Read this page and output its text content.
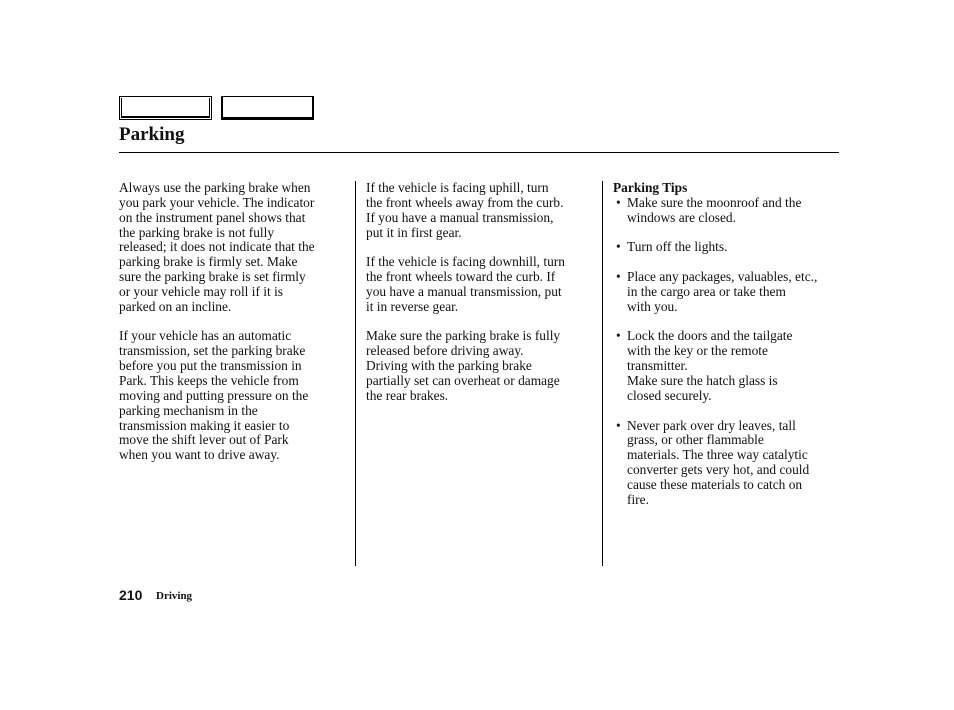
Parking

Always use the parking brake when
you park your vehicle. The indicator
on the instrument panel shows that
the parking brake is not fully
released; it does not indicate that the
parking brake is firmly set. Make
sure the parking brake is set firmly
or your vehicle may roll if it is
parked on an incline.

If your vehicle has an automatic
transmission, set the parking brake
before you put the transmission in
Park. This keeps the vehicle from
moving and putting pressure on the
parking mechanism in the
transmission making it easier to
move the shift lever out of Park
when you want to drive away.

If the vehicle is facing uphill, turn
the front wheels away from the curb.
If you have a manual transmission,
put it in first gear.

If the vehicle is facing downhill, turn
the front wheels toward the curb. If
you have a manual transmission, put
it in reverse gear.

Make sure the parking brake is fully
released before driving away.
Driving with the parking brake
partially set can overheat or damage
the rear brakes.

Parking Tips

• Make sure the moonroof and the
windows are closed.
• Turn off the lights.
• Place any packages, valuables, etc.,
in the cargo area or take them
with you.
• Lock the doors and the tailgate
with the key or the remote
transmitter.
Make sure the hatch glass is
closed securely.
• Never park over dry leaves, tall
grass, or other flammable
materials. The three way catalytic
converter gets very hot, and could
cause these materials to catch on
fire.
210 Driving
